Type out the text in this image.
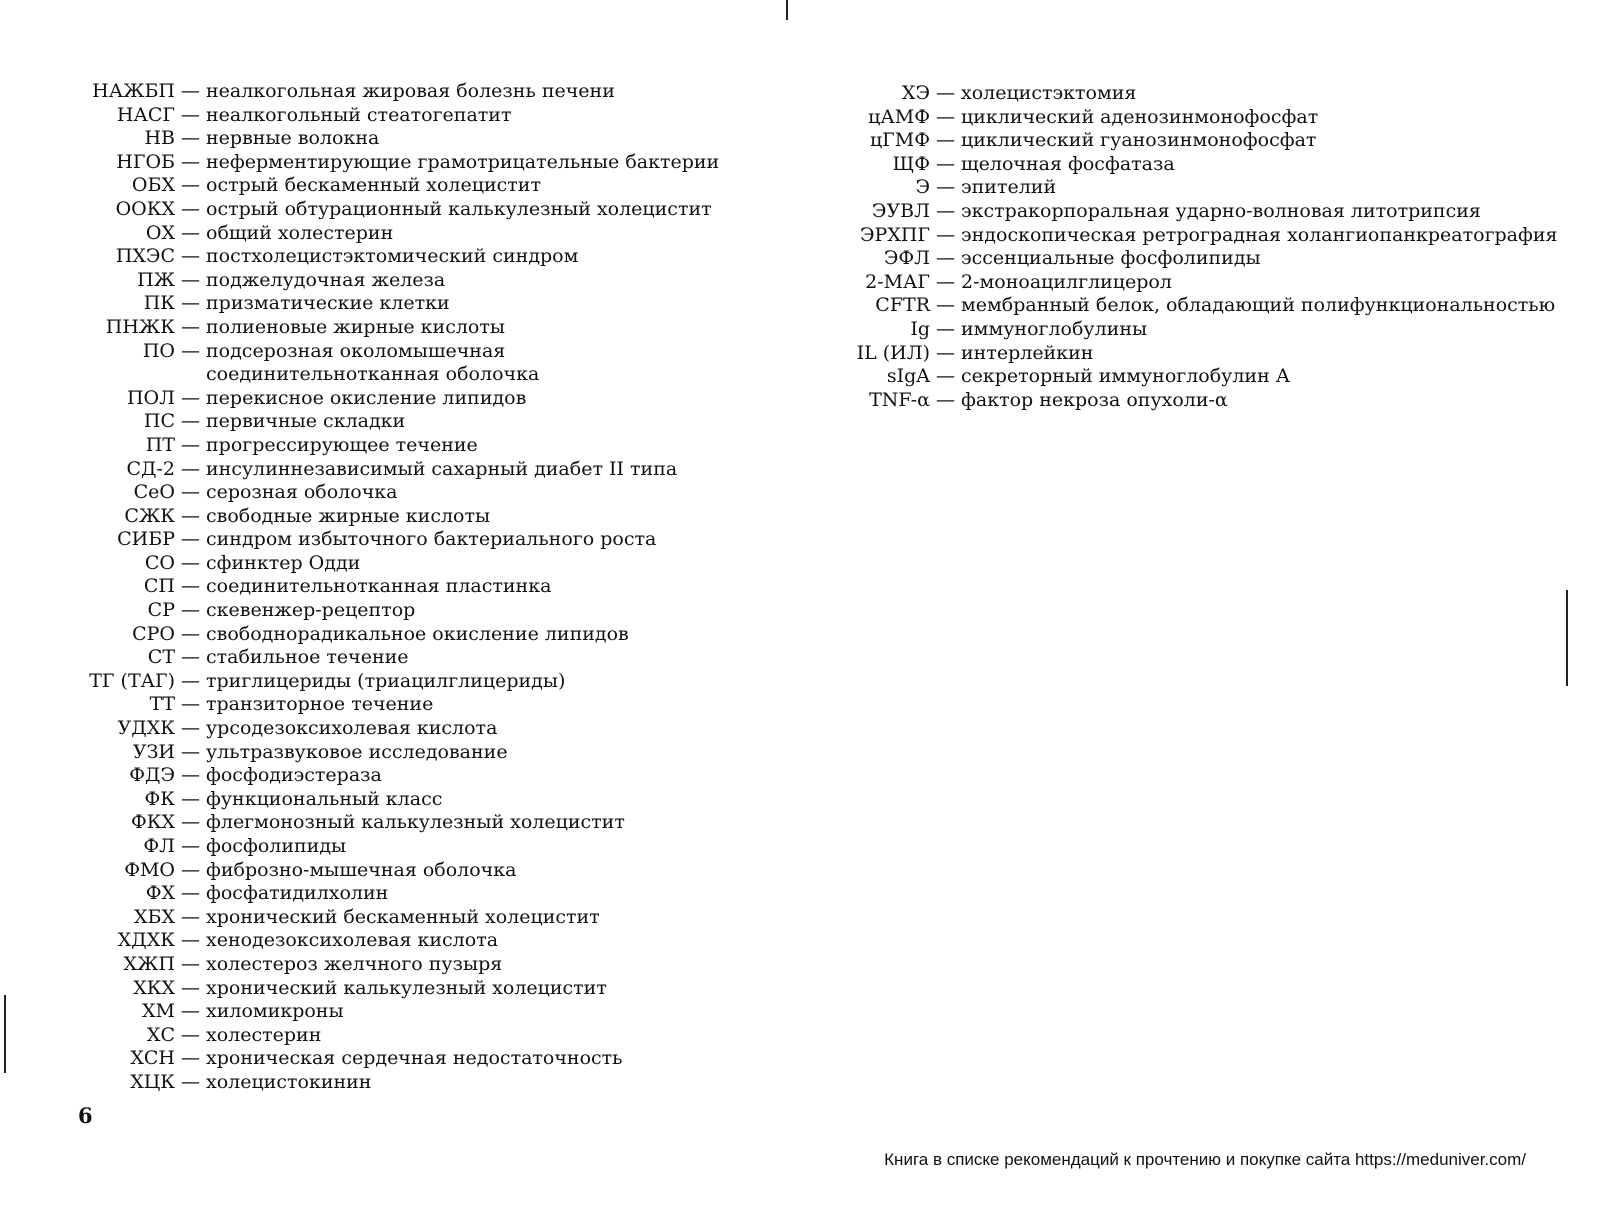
НАЖБП — неалкогольная жировая болезнь печени
НАСГ — неалкогольный стеатогепатит
НВ — нервные волокна
НГОБ — неферментирующие грамотрицательные бактерии
ОБХ — острый бескаменный холецистит
ООКХ — острый обтурационный калькулезный холецистит
ОХ — общий холестерин
ПХЭС — постхолецистэктомический синдром
ПЖ — поджелудочная железа
ПК — призматические клетки
ПНЖК — полиеновые жирные кислоты
ПО — подсерозная околомышечная соединительнотканная оболочка
ПОЛ — перекисное окисление липидов
ПС — первичные складки
ПТ — прогрессирующее течение
СД-2 — инсулиннезависимый сахарный диабет II типа
СеО — серозная оболочка
СЖК — свободные жирные кислоты
СИБР — синдром избыточного бактериального роста
СО — сфинктер Одди
СП — соединительнотканная пластинка
СР — скевенжер-рецептор
СРО — свободнорадикальное окисление липидов
СТ — стабильное течение
ТГ (ТАГ) — триглицериды (триацилглицериды)
ТТ — транзиторное течение
УДХК — урсодезоксихолевая кислота
УЗИ — ультразвуковое исследование
ФДЭ — фосфодиэстераза
ФК — функциональный класс
ФКХ — флегмонозный калькулезный холецистит
ФЛ — фосфолипиды
ФМО — фиброзно-мышечная оболочка
ФХ — фосфатидилхолин
ХБХ — хронический бескаменный холецистит
ХДХК — хенодезоксихолевая кислота
ХЖП — холестероз желчного пузыря
ХКХ — хронический калькулезный холецистит
ХМ — хиломикроны
ХС — холестерин
ХСН — хроническая сердечная недостаточность
ХЦК — холецистокинин
ХЭ — холецистэктомия
цАМФ — циклический аденозинмонофосфат
цГМФ — циклический гуанозинмонофосфат
ЩФ — щелочная фосфатаза
Э — эпителий
ЭУВЛ — экстракорпоральная ударно-волновая литотрипсия
ЭРХПГ — эндоскопическая ретроградная холангиопанкреатография
ЭФЛ — эссенциальные фосфолипиды
2-МАГ — 2-моноацилглицерол
CFTR — мембранный белок, обладающий полифункциональностью
Ig — иммуноглобулины
IL (ИЛ) — интерлейкин
sIgA — секреторный иммуноглобулин А
TNF-α — фактор некроза опухоли-α
6
Книга в списке рекомендаций к прочтению и покупке сайта https://meduniver.com/
